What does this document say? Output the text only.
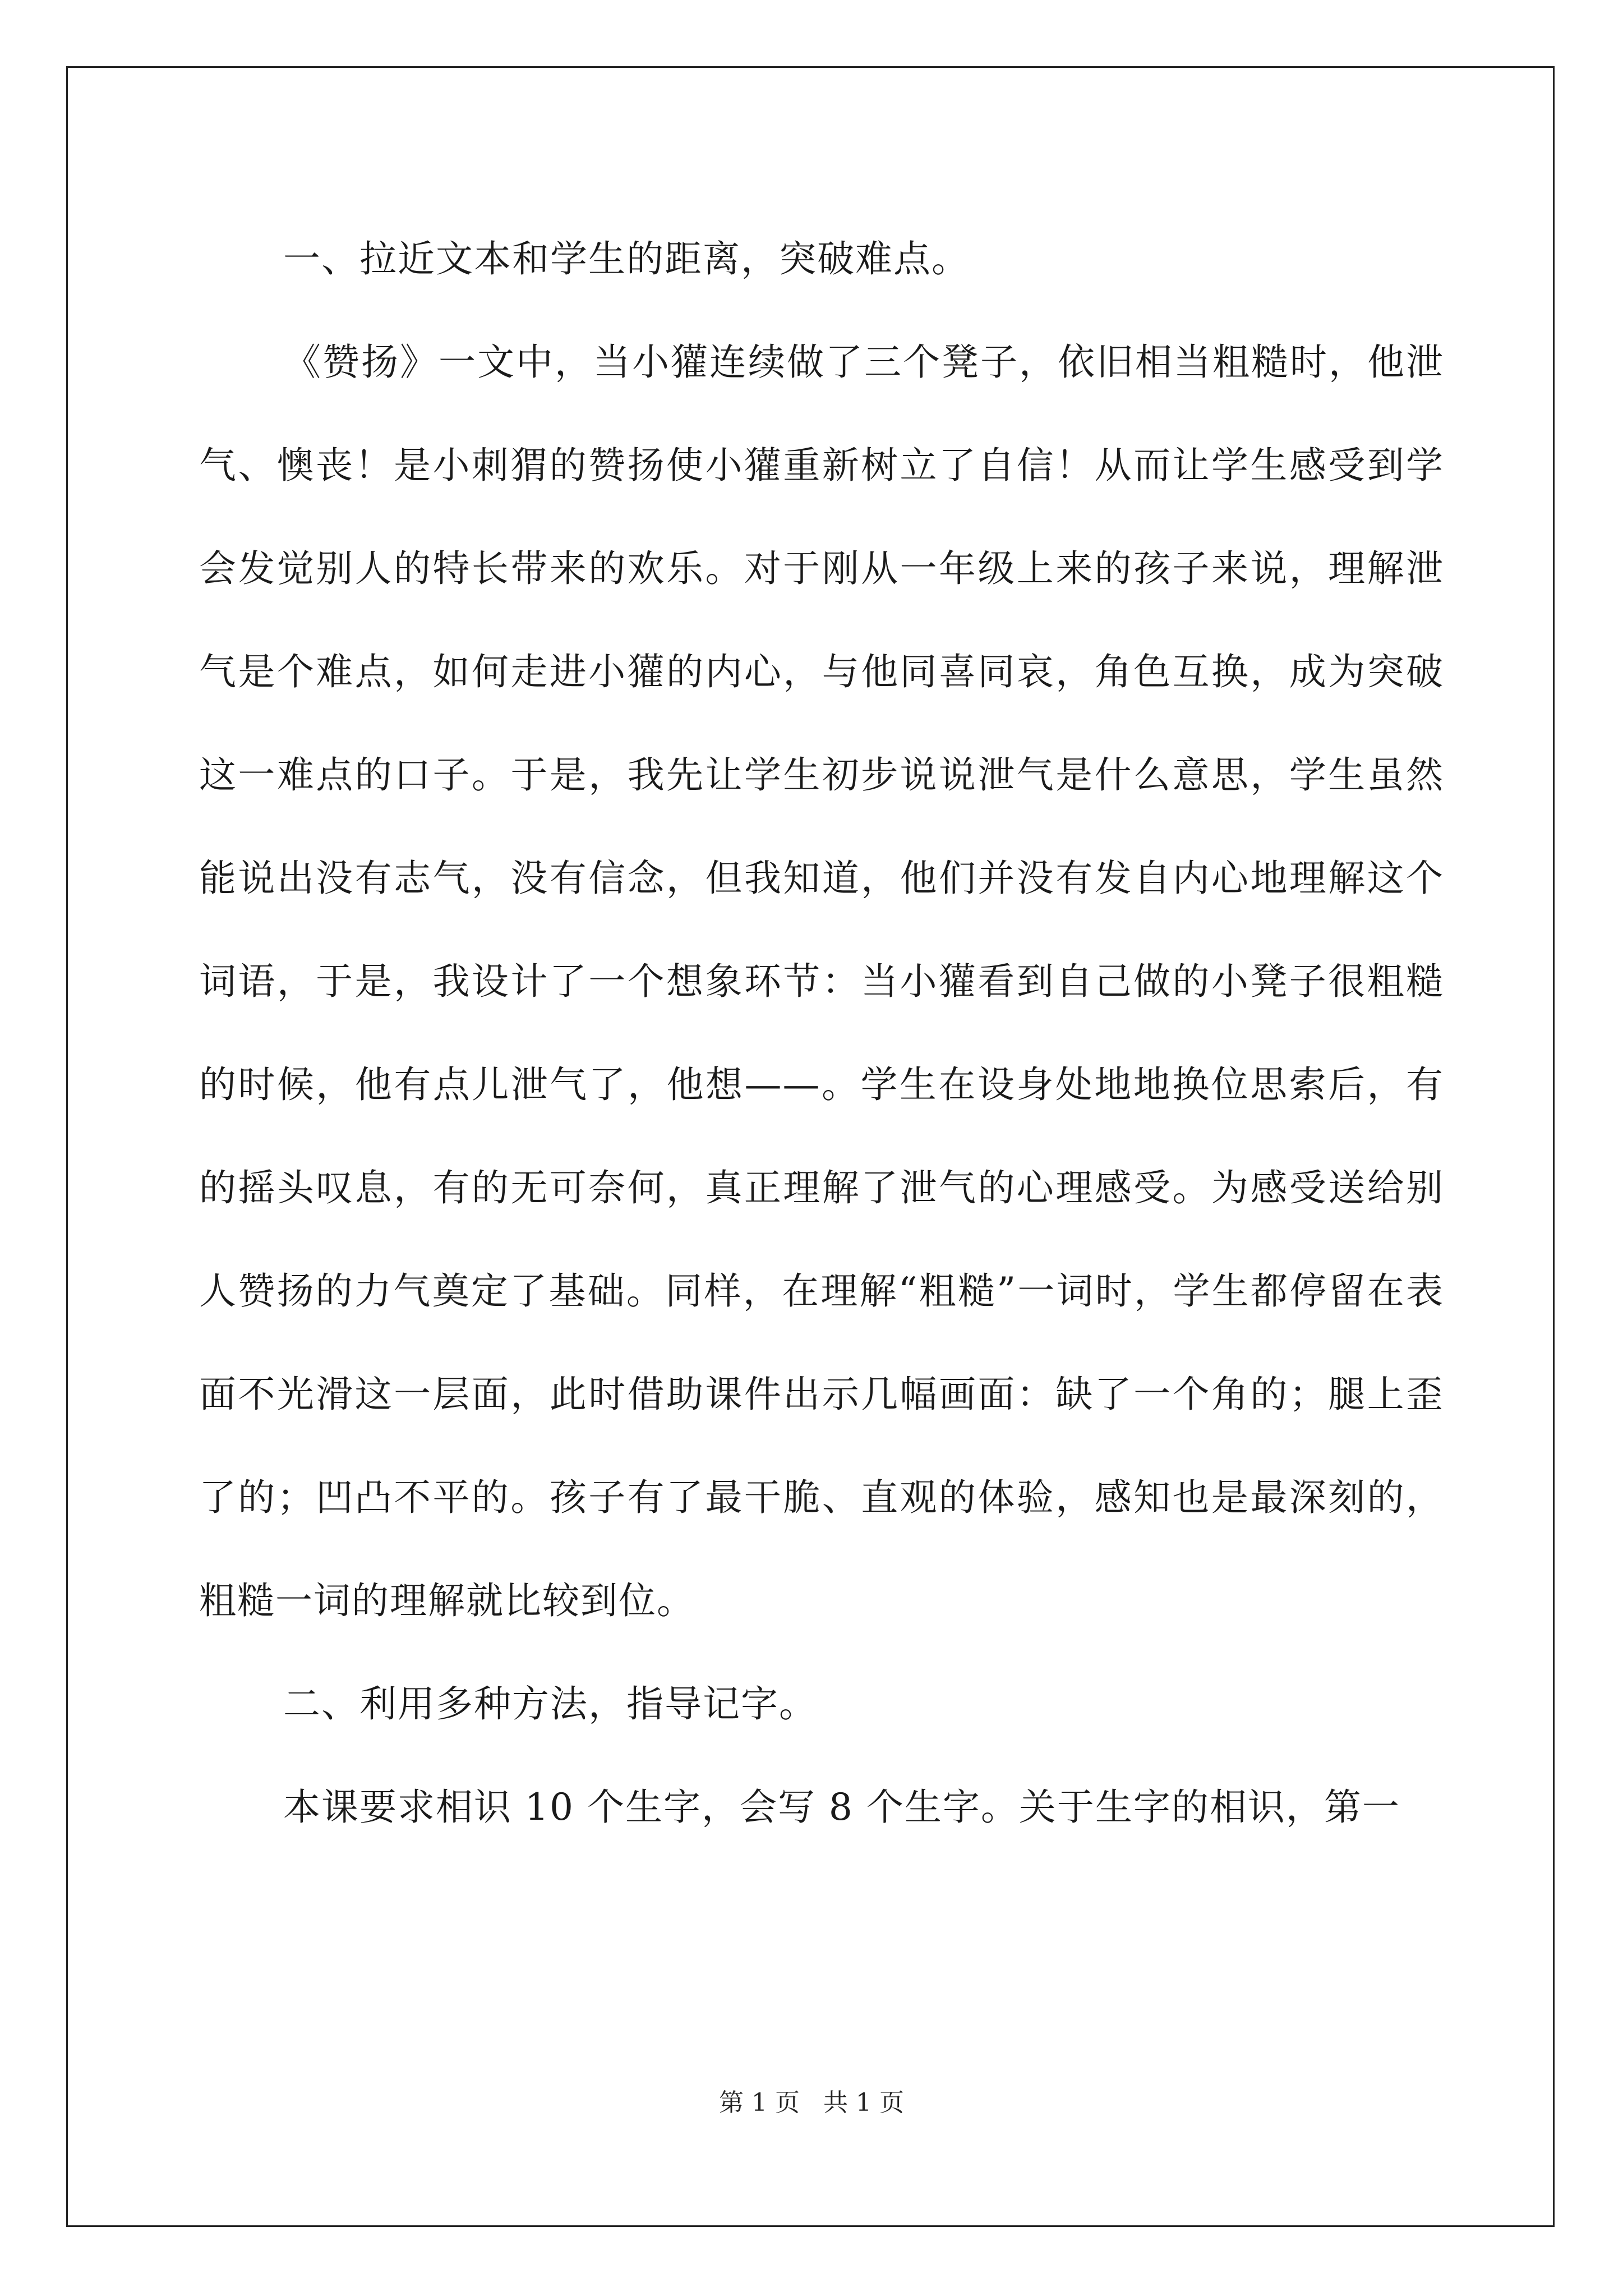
一、拉近文本和学生的距离，突破难点。

《赞扬》一文中，当小獾连续做了三个凳子，依旧相当粗糙时，他泄气、懊丧！是小刺猬的赞扬使小獾重新树立了自信！从而让学生感受到学会发觉别人的特长带来的欢乐。对于刚从一年级上来的孩子来说，理解泄气是个难点，如何走进小獾的内心，与他同喜同哀，角色互换，成为突破这一难点的口子。于是，我先让学生初步说说泄气是什么意思，学生虽然能说出没有志气，没有信念，但我知道，他们并没有发自内心地理解这个词语，于是，我设计了一个想象环节：当小獾看到自己做的小凳子很粗糙的时候，他有点儿泄气了，他想——。学生在设身处地地换位思索后，有的摇头叹息，有的无可奈何，真正理解了泄气的心理感受。为感受送给别人赞扬的力气奠定了基础。同样，在理解“粗糙”一词时，学生都停留在表面不光滑这一层面，此时借助课件出示几幅画面：缺了一个角的；腿上歪了的；凹凸不平的。孩子有了最干脆、直观的体验，感知也是最深刻的，粗糙一词的理解就比较到位。

二、利用多种方法，指导记字。

本课要求相识 10 个生字，会写 8 个生字。关于生字的相识，第一

第 1 页 共 1 页
